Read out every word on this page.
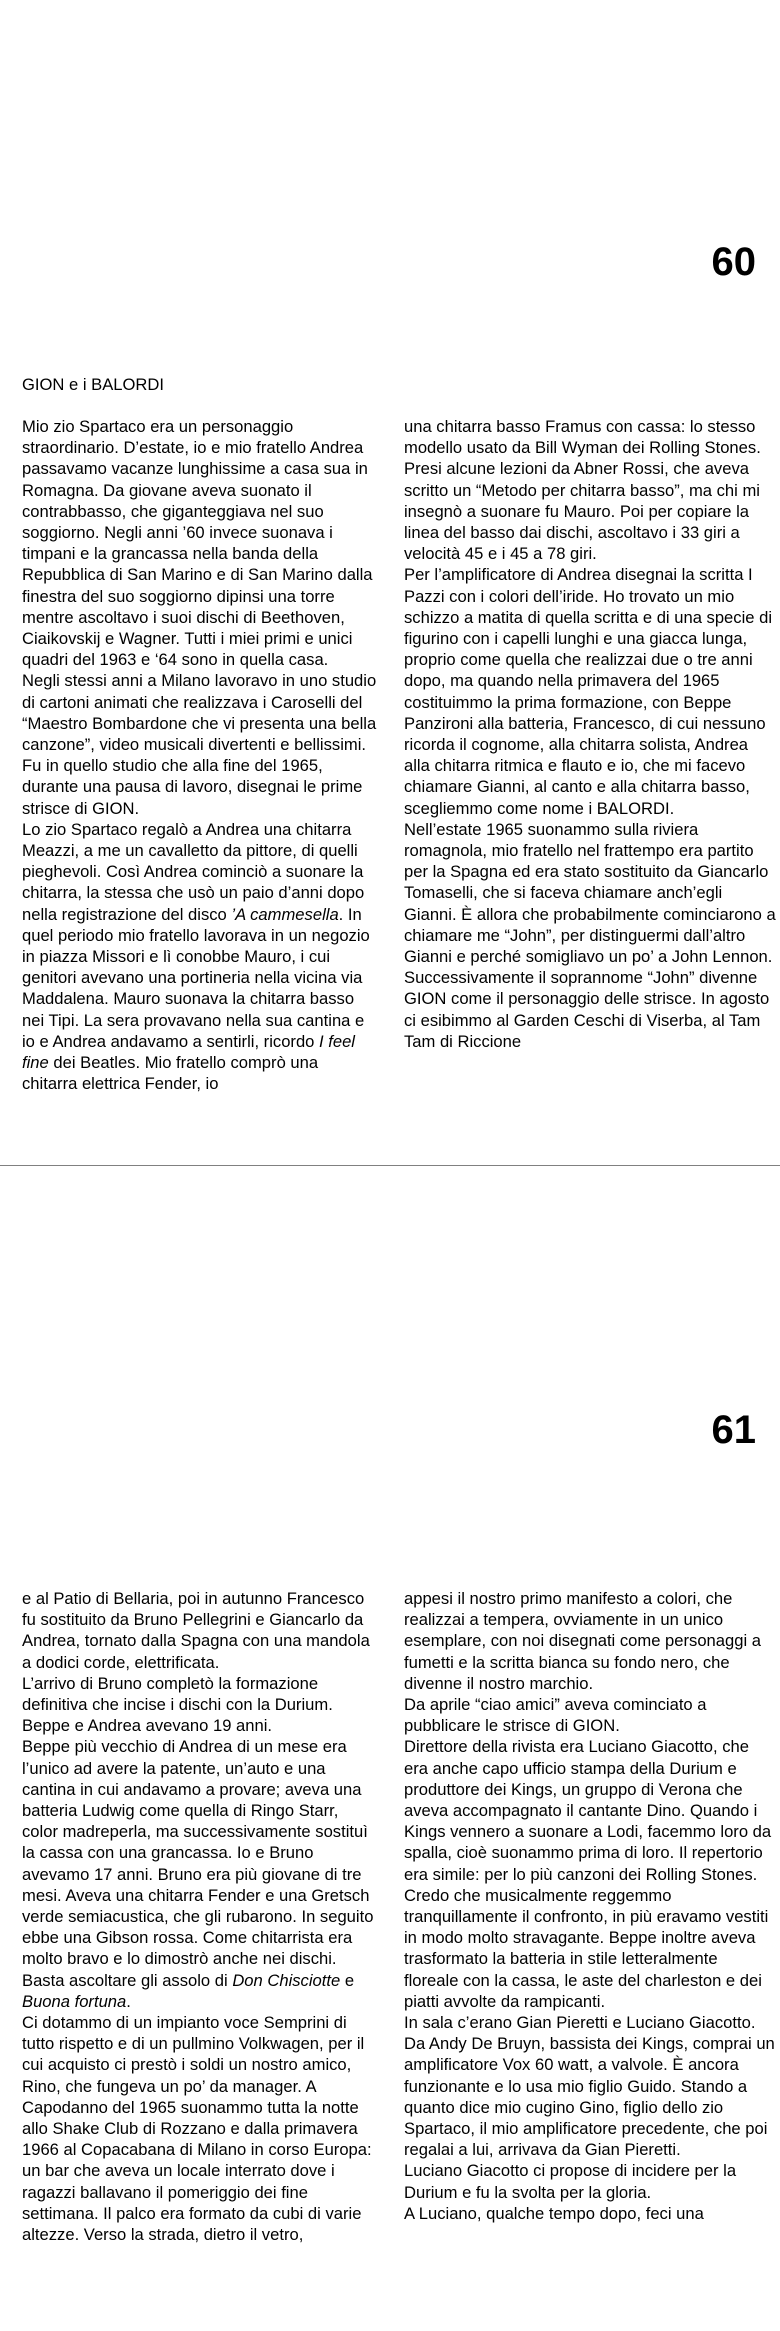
60
GION e i BALORDI
Mio zio Spartaco era un personaggio straordinario. D’estate, io e mio fratello Andrea passavamo vacanze lunghissime a casa sua in Romagna. Da giovane aveva suonato il contrabbasso, che giganteggiava nel suo soggiorno. Negli anni ’60 invece suonava i timpani e la grancassa nella banda della Repubblica di San Marino e di San Marino dalla finestra del suo soggiorno dipinsi una torre mentre ascoltavo i suoi dischi di Beethoven, Ciaikovskij e Wagner. Tutti i miei primi e unici quadri del 1963 e ‘64 sono in quella casa.
Negli stessi anni a Milano lavoravo in uno studio di cartoni animati che realizzava i Caroselli del “Maestro Bombardone che vi presenta una bella canzone”, video musicali divertenti e bellissimi. Fu in quello studio che alla fine del 1965, durante una pausa di lavoro, disegnai le prime strisce di GION.
Lo zio Spartaco regalò a Andrea una chitarra Meazzi, a me un cavalletto da pittore, di quelli pieghevoli. Così Andrea cominciò a suonare la chitarra, la stessa che usò un paio d’anni dopo nella registrazione del disco ’A cammesella. In quel periodo mio fratello lavorava in un negozio in piazza Missori e lì conobbe Mauro, i cui genitori avevano una portineria nella vicina via Maddalena. Mauro suonava la chitarra basso nei Tipi. La sera provavano nella sua cantina e io e Andrea andavamo a sentirli, ricordo I feel fine dei Beatles. Mio fratello comprò una chitarra elettrica Fender, io
una chitarra basso Framus con cassa: lo stesso modello usato da Bill Wyman dei Rolling Stones. Presi alcune lezioni da Abner Rossi, che aveva scritto un “Metodo per chitarra basso”, ma chi mi insegnò a suonare fu Mauro. Poi per copiare la linea del basso dai dischi, ascoltavo i 33 giri a velocità 45 e i 45 a 78 giri.
Per l’amplificatore di Andrea disegnai la scritta I Pazzi con i colori dell’iride. Ho trovato un mio schizzo a matita di quella scritta e di una specie di figurino con i capelli lunghi e una giacca lunga, proprio come quella che realizzai due o tre anni dopo, ma quando nella primavera del 1965 costituimmo la prima formazione, con Beppe Panzironi alla batteria, Francesco, di cui nessuno ricorda il cognome, alla chitarra solista, Andrea alla chitarra ritmica e flauto e io, che mi facevo chiamare Gianni, al canto e alla chitarra basso, scegliemmo come nome i BALORDI.
Nell’estate 1965 suonammo sulla riviera romagnola, mio fratello nel frattempo era partito per la Spagna ed era stato sostituito da Giancarlo Tomaselli, che si faceva chiamare anch’egli Gianni. È allora che probabilmente cominciarono a chiamare me “John”, per distinguermi dall’altro Gianni e perché somigliavo un po’ a John Lennon. Successivamente il soprannome “John” divenne GION come il personaggio delle strisce. In agosto ci esibimmo al Garden Ceschi di Viserba, al Tam Tam di Riccione
61
e al Patio di Bellaria, poi in autunno Francesco fu sostituito da Bruno Pellegrini e Giancarlo da Andrea, tornato dalla Spagna con una mandola a dodici corde, elettrificata.
L’arrivo di Bruno completò la formazione definitiva che incise i dischi con la Durium. Beppe e Andrea avevano 19 anni.
Beppe più vecchio di Andrea di un mese era l’unico ad avere la patente, un’auto e una cantina in cui andavamo a provare; aveva una batteria Ludwig come quella di Ringo Starr, color madreperla, ma successivamente sostituì la cassa con una grancassa. Io e Bruno avevamo 17 anni. Bruno era più giovane di tre mesi. Aveva una chitarra Fender e una Gretsch verde semiacustica, che gli rubarono. In seguito ebbe una Gibson rossa. Come chitarrista era molto bravo e lo dimostrò anche nei dischi. Basta ascoltare gli assolo di Don Chisciotte e Buona fortuna.
Ci dotammo di un impianto voce Semprini di tutto rispetto e di un pullmino Volkwagen, per il cui acquisto ci prestò i soldi un nostro amico, Rino, che fungeva un po’ da manager. A Capodanno del 1965 suonammo tutta la notte allo Shake Club di Rozzano e dalla primavera 1966 al Copacabana di Milano in corso Europa: un bar che aveva un locale interrato dove i ragazzi ballavano il pomeriggio dei fine settimana. Il palco era formato da cubi di varie altezze. Verso la strada, dietro il vetro,
appesi il nostro primo manifesto a colori, che realizzai a tempera, ovviamente in un unico esemplare, con noi disegnati come personaggi a fumetti e la scritta bianca su fondo nero, che divenne il nostro marchio.
Da aprile “ciao amici” aveva cominciato a pubblicare le strisce di GION.
Direttore della rivista era Luciano Giacotto, che era anche capo ufficio stampa della Durium e produttore dei Kings, un gruppo di Verona che aveva accompagnato il cantante Dino. Quando i Kings vennero a suonare a Lodi, facemmo loro da spalla, cioè suonammo prima di loro. Il repertorio era simile: per lo più canzoni dei Rolling Stones. Credo che musicalmente reggemmo tranquillamente il confronto, in più eravamo vestiti in modo molto stravagante. Beppe inoltre aveva trasformato la batteria in stile letteralmente floreale con la cassa, le aste del charleston e dei piatti avvolte da rampicanti.
In sala c’erano Gian Pieretti e Luciano Giacotto.
Da Andy De Bruyn, bassista dei Kings, comprai un amplificatore Vox 60 watt, a valvole. È ancora funzionante e lo usa mio figlio Guido. Stando a quanto dice mio cugino Gino, figlio dello zio Spartaco, il mio amplificatore precedente, che poi regalai a lui, arrivava da Gian Pieretti.
Luciano Giacotto ci propose di incidere per la Durium e fu la svolta per la gloria.
A Luciano, qualche tempo dopo, feci una
